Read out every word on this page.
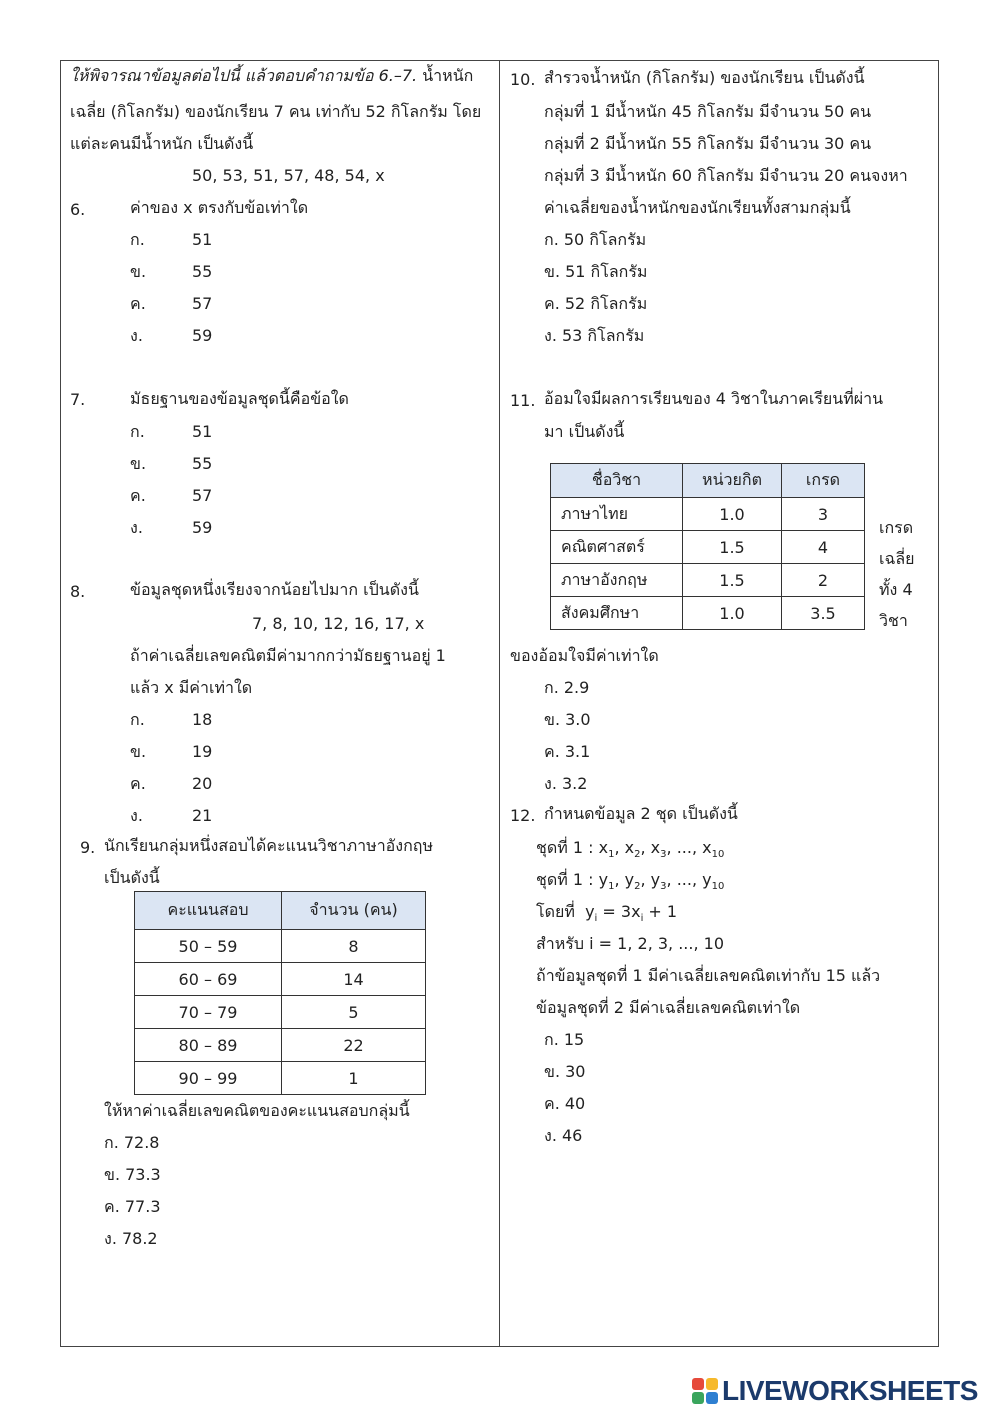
ให้พิจารณาข้อมูลต่อไปนี้ แล้วตอบคำถามข้อ 6.–7. น้ำหนัก
เฉลี่ย (กิโลกรัม) ของนักเรียน 7 คน เท่ากับ 52 กิโลกรัม โดย
แต่ละคนมีน้ำหนัก เป็นดังนี้
50, 53, 51, 57, 48, 54, x
6.	ค่าของ x ตรงกับข้อเท่าใด
ก.	51
ข.	55
ค.	57
ง.	59
7.	มัธยฐานของข้อมูลชุดนี้คือข้อใด
ก.	51
ข.	55
ค.	57
ง.	59
8.	ข้อมูลชุดหนึ่งเรียงจากน้อยไปมาก เป็นดังนี้
7, 8, 10, 12, 16, 17, x
ถ้าค่าเฉลี่ยเลขคณิตมีค่ามากกว่ามัธยฐานอยู่ 1
แล้ว x มีค่าเท่าใด
ก.	18
ข.	19
ค.	20
ง.	21
9. นักเรียนกลุ่มหนึ่งสอบได้คะแนนวิชาภาษาอังกฤษ
เป็นดังนี้
คะแนนสอบ	จำนวน (คน)
50 – 59	8
60 – 69	14
70 – 79	5
80 – 89	22
90 – 99	1
ให้หาค่าเฉลี่ยเลขคณิตของคะแนนสอบกลุ่มนี้
ก. 72.8
ข. 73.3
ค. 77.3
ง. 78.2
10. สำรวจน้ำหนัก (กิโลกรัม) ของนักเรียน เป็นดังนี้
กลุ่มที่ 1 มีน้ำหนัก 45 กิโลกรัม มีจำนวน 50 คน
กลุ่มที่ 2 มีน้ำหนัก 55 กิโลกรัม มีจำนวน 30 คน
กลุ่มที่ 3 มีน้ำหนัก 60 กิโลกรัม มีจำนวน 20 คนจงหา
ค่าเฉลี่ยของน้ำหนักของนักเรียนทั้งสามกลุ่มนี้
ก. 50 กิโลกรัม
ข. 51 กิโลกรัม
ค. 52 กิโลกรัม
ง. 53 กิโลกรัม
11. อ้อมใจมีผลการเรียนของ 4 วิชาในภาคเรียนที่ผ่าน
มา เป็นดังนี้
ชื่อวิชา	หน่วยกิต	เกรด
ภาษาไทย	1.0	3
คณิตศาสตร์	1.5	4
ภาษาอังกฤษ	1.5	2
สังคมศึกษา	1.0	3.5
เกรด
เฉลี่ย
ทั้ง 4
วิชา
ของอ้อมใจมีค่าเท่าใด
ก. 2.9
ข. 3.0
ค. 3.1
ง. 3.2
12. กำหนดข้อมูล 2 ชุด เป็นดังนี้
ชุดที่ 1 : $x_1$, $x_2$, $x_3$, ..., $x_{10}$
ชุดที่ 1 : $y_1$, $y_2$, $y_3$, ..., $y_{10}$
โดยที่ $y_i = 3x_i + 1$
สำหรับ i = 1, 2, 3, ..., 10
ถ้าข้อมูลชุดที่ 1 มีค่าเฉลี่ยเลขคณิตเท่ากับ 15 แล้ว
ข้อมูลชุดที่ 2 มีค่าเฉลี่ยเลขคณิตเท่าใด
ก. 15
ข. 30
ค. 40
ง. 46
LIVEWORKSHEETS
